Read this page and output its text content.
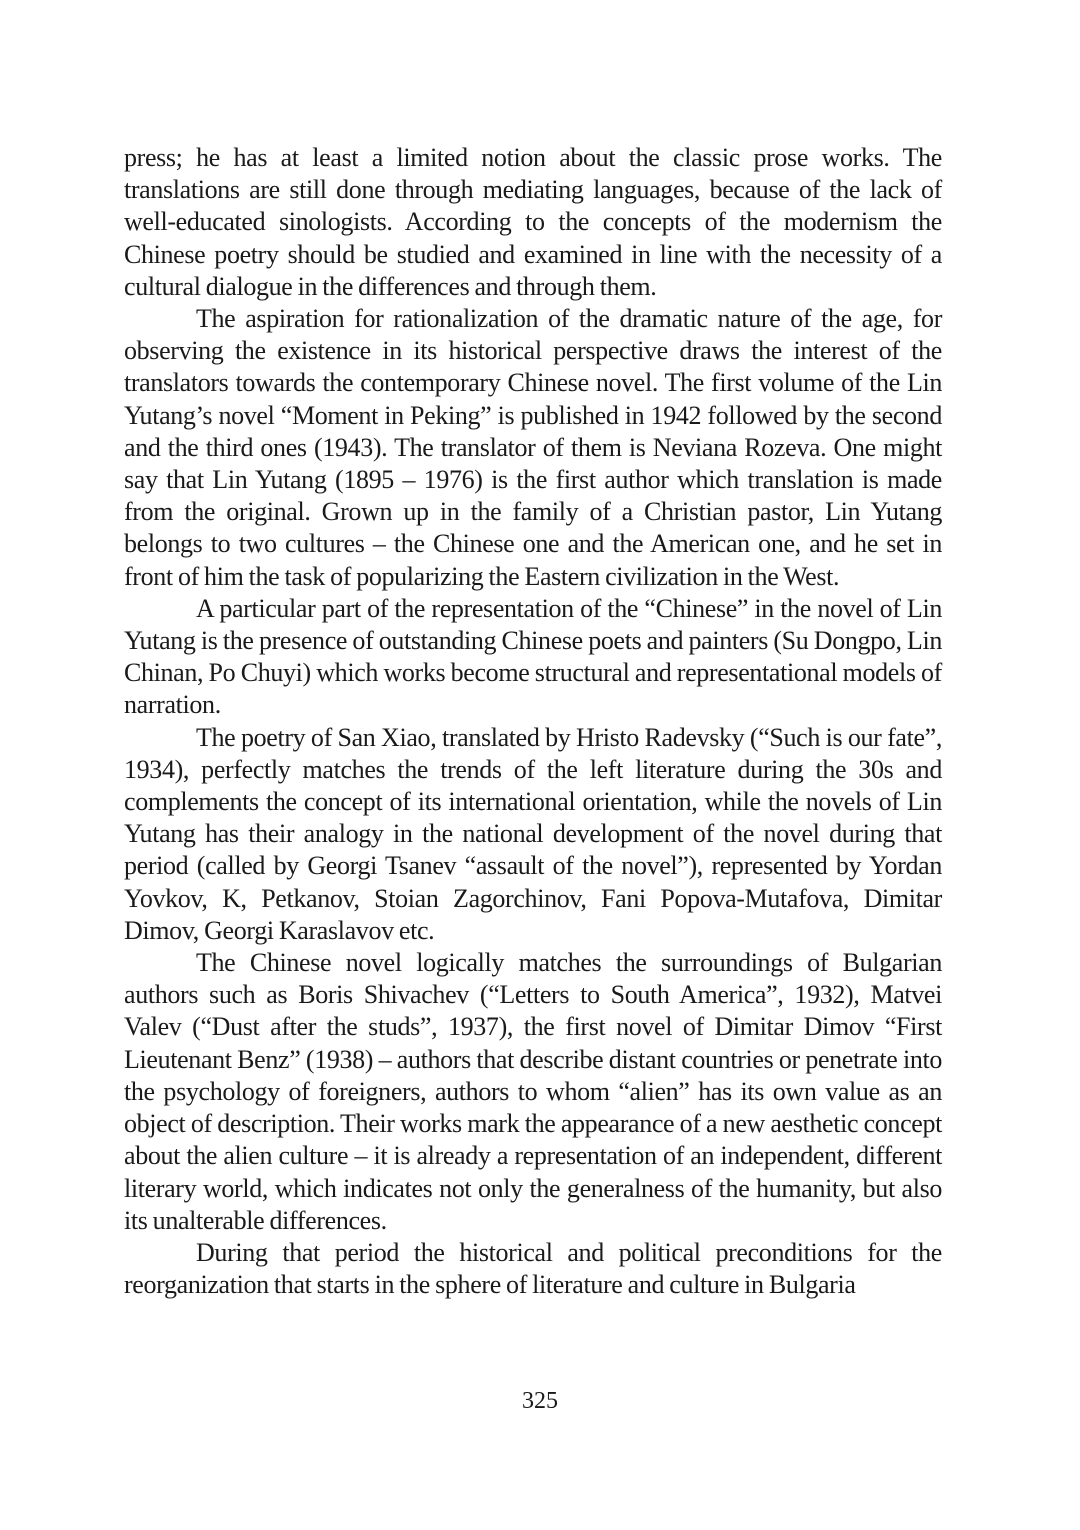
press; he has at least a limited notion about the classic prose works. The translations are still done through mediating languages, because of the lack of well-educated sinologists. According to the concepts of the modernism the Chinese poetry should be studied and examined in line with the necessity of a cultural dialogue in the differences and through them.

The aspiration for rationalization of the dramatic nature of the age, for observing the existence in its historical perspective draws the interest of the translators towards the contemporary Chinese novel. The first volume of the Lin Yutang’s novel “Moment in Peking” is published in 1942 followed by the second and the third ones (1943). The translator of them is Neviana Rozeva. One might say that Lin Yutang (1895 – 1976) is the first author which translation is made from the original. Grown up in the family of a Christian pastor, Lin Yutang belongs to two cultures – the Chinese one and the American one, and he set in front of him the task of popularizing the Eastern civilization in the West.

A particular part of the representation of the “Chinese” in the novel of Lin Yutang is the presence of outstanding Chinese poets and painters (Su Dongpo, Lin Chinan, Po Chuyi) which works become structural and representational models of narration.

The poetry of San Xiao, translated by Hristo Radevsky (“Such is our fate”, 1934), perfectly matches the trends of the left literature during the 30s and complements the concept of its international orientation, while the novels of Lin Yutang has their analogy in the national development of the novel during that period (called by Georgi Tsanev “assault of the novel”), represented by Yordan Yovkov, K, Petkanov, Stoian Zagorchinov, Fani Popova-Mutafova, Dimitar Dimov, Georgi Karaslavov etc.

The Chinese novel logically matches the surroundings of Bulgarian authors such as Boris Shivachev (“Letters to South America”, 1932), Matvei Valev (“Dust after the studs”, 1937), the first novel of Dimitar Dimov “First Lieutenant Benz” (1938) – authors that describe distant countries or penetrate into the psychology of foreigners, authors to whom “alien” has its own value as an object of description. Their works mark the appearance of a new aesthetic concept about the alien culture – it is already a representation of an independent, different literary world, which indicates not only the generalness of the humanity, but also its unalterable differences.

During that period the historical and political preconditions for the reorganization that starts in the sphere of literature and culture in Bulgaria

325
